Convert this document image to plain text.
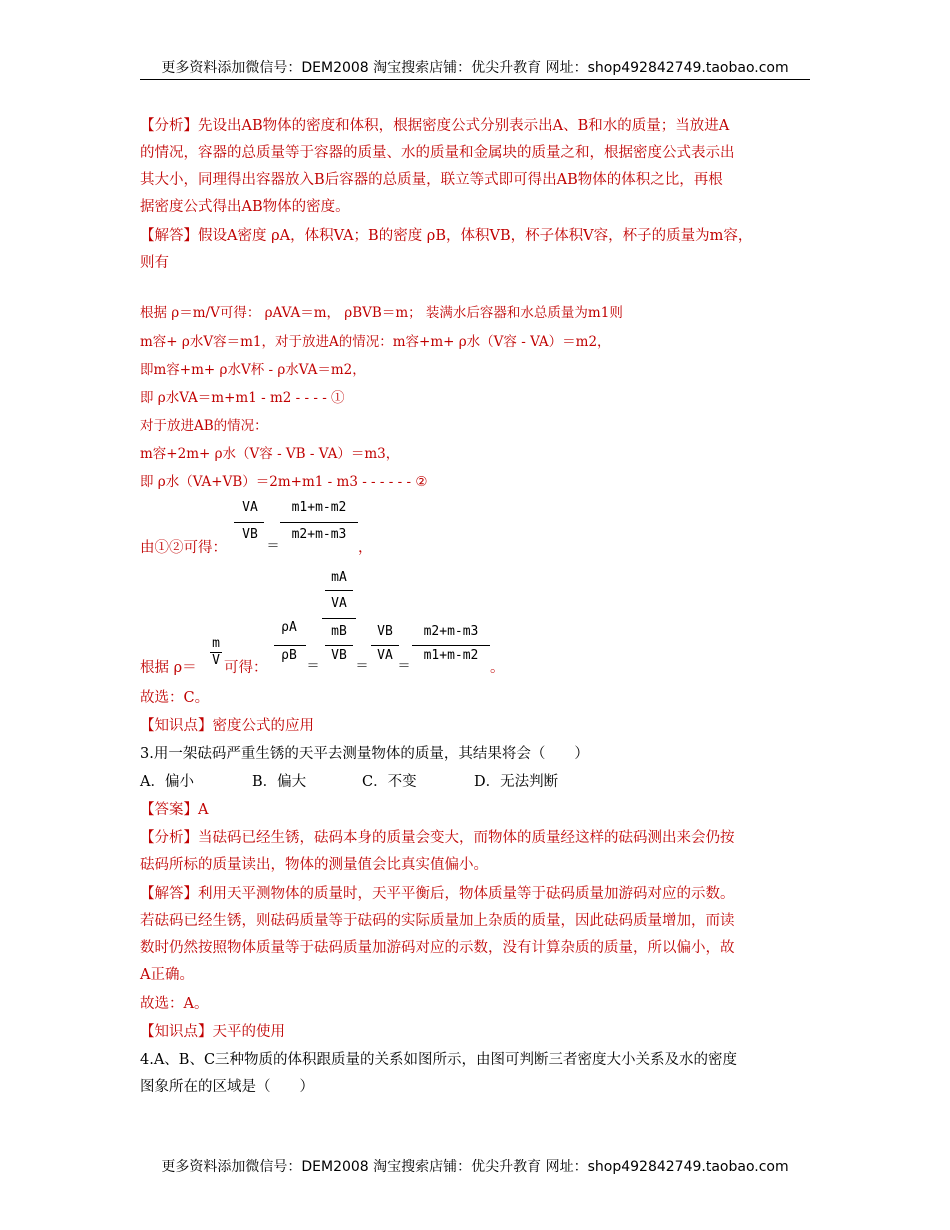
更多资料添加微信号：DEM2008 淘宝搜索店铺：优尖升教育 网址：shop492842749.taobao.com
【分析】先设出AB物体的密度和体积，根据密度公式分别表示出A、B和水的质量；当放进A
的情况，容器的总质量等于容器的质量、水的质量和金属块的质量之和，根据密度公式表示出
其大小，同理得出容器放入B后容器的总质量，联立等式即可得出AB物体的体积之比，再根
据密度公式得出AB物体的密度。
【解答】假设A密度 ρA，体积VA；B的密度 ρB，体积VB，杯子体积V容，杯子的质量为m容，
则有
根据 ρ＝m/V可得： ρAVA＝m， ρBVB＝m； 装满水后容器和水总质量为m1则
m容+ ρ水V容＝m1，对于放进A的情况：m容+m+ ρ水（V容 - VA）＝m2，
即m容+m+ ρ水V杯 - ρ水VA＝m2，
即 ρ水VA＝m+m1 - m2 - - - - ①
对于放进AB的情况：
m容+2m+ ρ水（V容 - VB - VA）＝m3，
即 ρ水（VA+VB）＝2m+m1 - m3 - - - - - - ②
由①②可得：
VA
VB
＝
m1+m-m2
m2+m-m3
，
根据 ρ＝
m
V 可得：
ρA
ρB
＝
mA
VA
mB
VB
＝
VB
VA
＝
m2+m-m3
m1+m-m2
。
故选：C。
【知识点】密度公式的应用
3.用一架砝码严重生锈的天平去测量物体的质量，其结果将会（　　）
A．偏小	B．偏大	C．不变	D．无法判断
【答案】A
【分析】当砝码已经生锈，砝码本身的质量会变大，而物体的质量经这样的砝码测出来会仍按
砝码所标的质量读出，物体的测量值会比真实值偏小。
【解答】利用天平测物体的质量时，天平平衡后，物体质量等于砝码质量加游码对应的示数。
若砝码已经生锈，则砝码质量等于砝码的实际质量加上杂质的质量，因此砝码质量增加，而读
数时仍然按照物体质量等于砝码质量加游码对应的示数，没有计算杂质的质量，所以偏小，故
A正确。
故选：A。
【知识点】天平的使用
4.A、B、C三种物质的体积跟质量的关系如图所示，由图可判断三者密度大小关系及水的密度
图象所在的区域是（　　）
更多资料添加微信号：DEM2008 淘宝搜索店铺：优尖升教育 网址：shop492842749.taobao.com
